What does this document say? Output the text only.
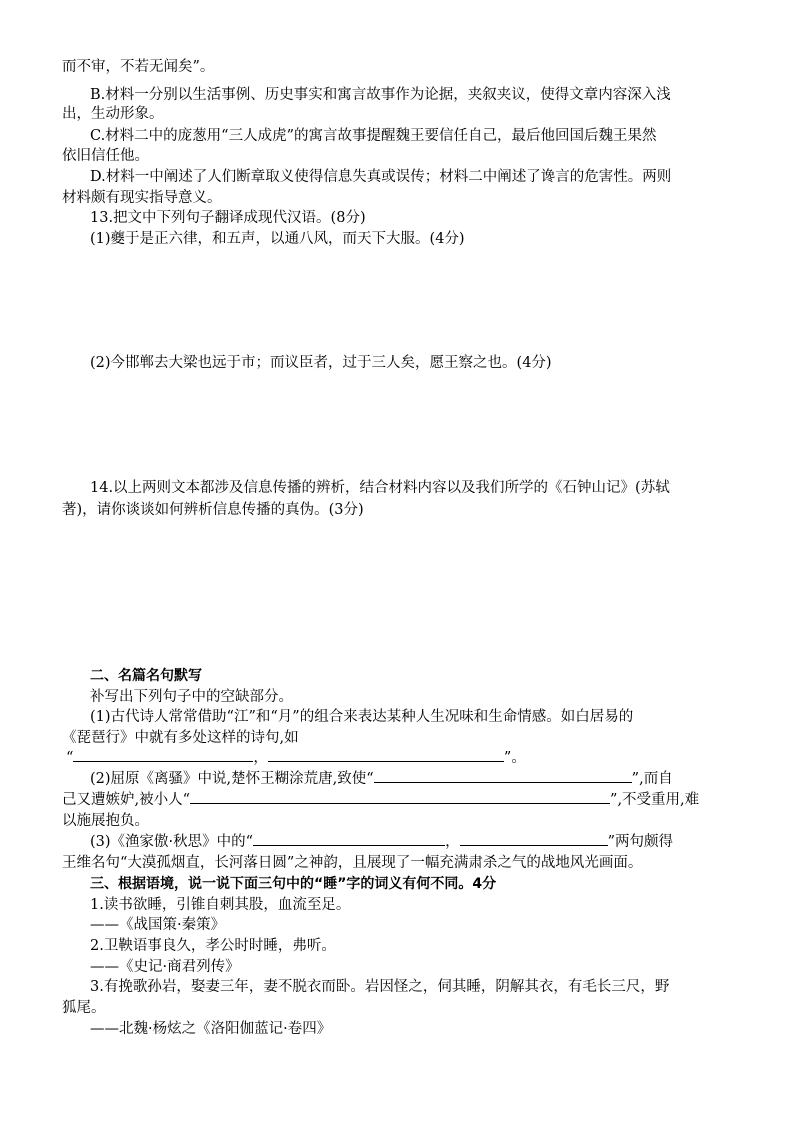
而不审，不若无闻矣”。
B.材料一分别以生活事例、历史事实和寓言故事作为论据，夹叙夹议，使得文章内容深入浅
出，生动形象。
C.材料二中的庞葱用“三人成虎”的寓言故事提醒魏王要信任自己，最后他回国后魏王果然
依旧信任他。
D.材料一中阐述了人们断章取义使得信息失真或误传；材料二中阐述了谗言的危害性。两则
材料颇有现实指导意义。
13.把文中下列句子翻译成现代汉语。(8分)
(1)夔于是正六律，和五声，以通八风，而天下大服。(4分)
(2)今邯郸去大梁也远于市；而议臣者，过于三人矣，愿王察之也。(4分)
14.以上两则文本都涉及信息传播的辨析，结合材料内容以及我们所学的《石钟山记》(苏轼
著)，请你谈谈如何辨析信息传播的真伪。(3分)
二、名篇名句默写
补写出下列句子中的空缺部分。
(1)古代诗人常常借助“江”和“月”的组合来表达某种人生况味和生命情感。如白居易的
《琵琶行》中就有多处这样的诗句,如
“	，	”。
(2)屈原《离骚》中说,楚怀王糊涂荒唐,致使“	”,而自
己又遭嫉妒,被小人“	”,不受重用,难
以施展抱负。
(3)《渔家傲·秋思》中的“	，	”两句颇得
王维名句“大漠孤烟直，长河落日圆”之神韵，且展现了一幅充满肃杀之气的战地风光画面。
三、根据语境，说一说下面三句中的“睡”字的词义有何不同。4分
1.读书欲睡，引锥自刺其股，血流至足。
——《战国策·秦策》
2.卫鞅语事良久，孝公时时睡，弗听。
——《史记·商君列传》
3.有挽歌孙岩，娶妻三年，妻不脱衣而卧。岩因怪之，伺其睡，阴解其衣，有毛长三尺，野
狐尾。
——北魏·杨炫之《洛阳伽蓝记·卷四》
